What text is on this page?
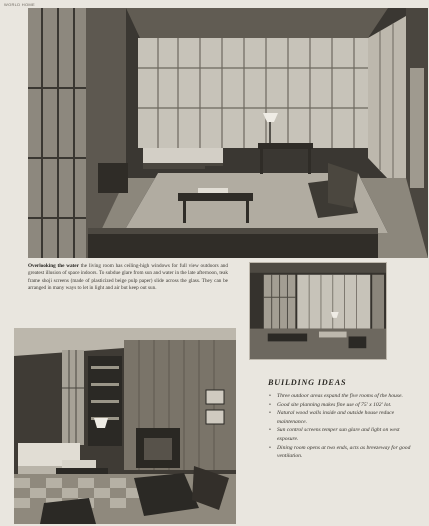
WORLD HOME
Overlooking the water the living room has ceiling-high windows for full view outdoors and greatest illusion of space indoors. To subdue glare from sun and water in the late afternoon, teak frame shoji screens (made of plasticized beige pulp paper) slide across the glass. They can be arranged in many ways to let in light and air but keep out sun.
BUILDING IDEAS
• Three outdoor areas expand the five rooms of the house.
• Good site planning makes fine use of 75' x 102' lot.
• Natural wood walls inside and outside house reduce maintenance.
• Sun control screens temper sun glare and light on west exposure.
• Dining room opens at two ends, acts as breezeway for good ventilation.
